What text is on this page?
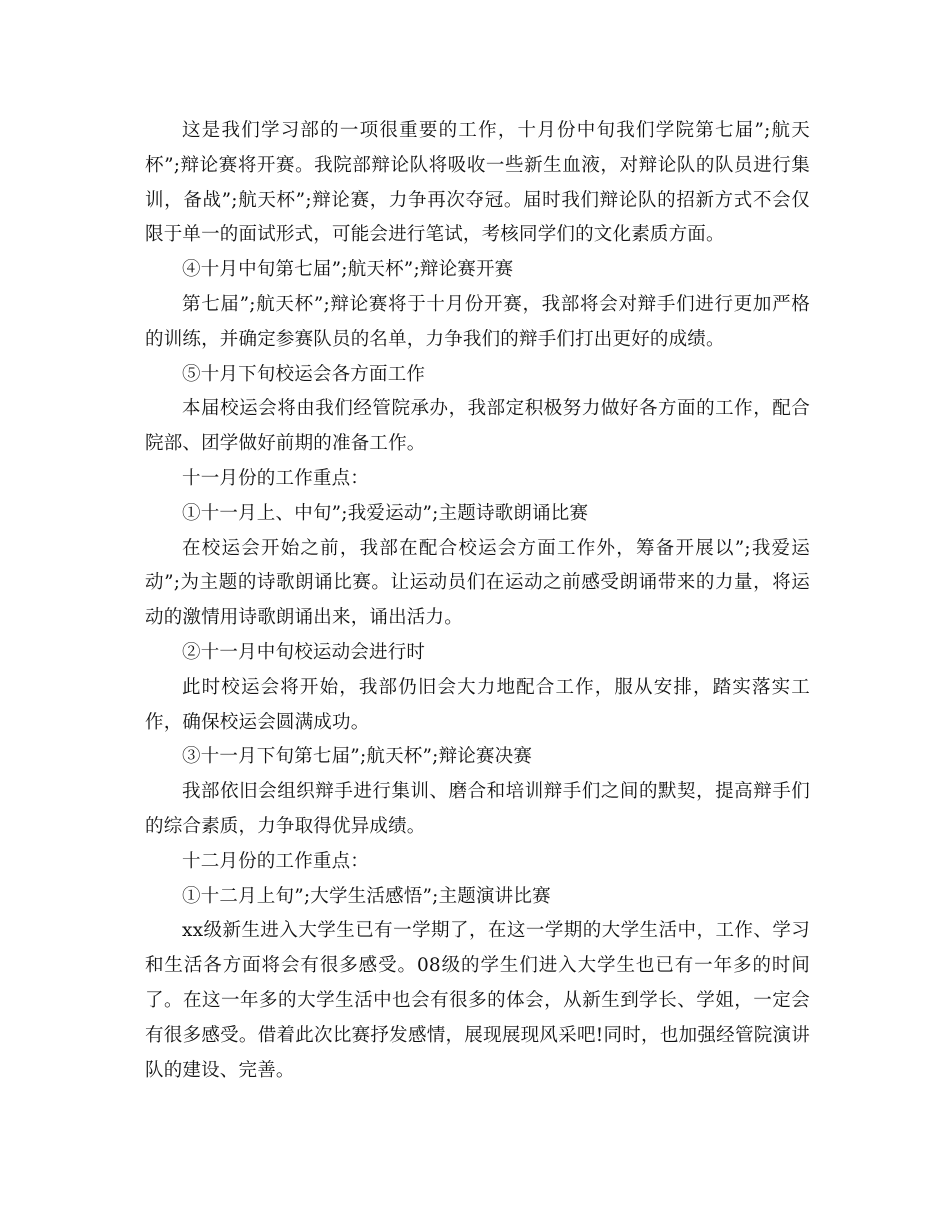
这是我们学习部的一项很重要的工作，十月份中旬我们学院第七届”;航天杯”;辩论赛将开赛。我院部辩论队将吸收一些新生血液，对辩论队的队员进行集训，备战”;航天杯”;辩论赛，力争再次夺冠。届时我们辩论队的招新方式不会仅限于单一的面试形式，可能会进行笔试，考核同学们的文化素质方面。

④十月中旬第七届”;航天杯”;辩论赛开赛

第七届”;航天杯”;辩论赛将于十月份开赛，我部将会对辩手们进行更加严格的训练，并确定参赛队员的名单，力争我们的辩手们打出更好的成绩。

⑤十月下旬校运会各方面工作

本届校运会将由我们经管院承办，我部定积极努力做好各方面的工作，配合院部、团学做好前期的准备工作。

十一月份的工作重点：

①十一月上、中旬”;我爱运动”;主题诗歌朗诵比赛

在校运会开始之前，我部在配合校运会方面工作外，筹备开展以”;我爱运动”;为主题的诗歌朗诵比赛。让运动员们在运动之前感受朗诵带来的力量，将运动的激情用诗歌朗诵出来，诵出活力。

②十一月中旬校运动会进行时

此时校运会将开始，我部仍旧会大力地配合工作，服从安排，踏实落实工作，确保校运会圆满成功。

③十一月下旬第七届”;航天杯”;辩论赛决赛

我部依旧会组织辩手进行集训、磨合和培训辩手们之间的默契，提高辩手们的综合素质，力争取得优异成绩。

十二月份的工作重点：

①十二月上旬”;大学生活感悟”;主题演讲比赛

xx级新生进入大学生已有一学期了，在这一学期的大学生活中，工作、学习和生活各方面将会有很多感受。08级的学生们进入大学生也已有一年多的时间了。在这一年多的大学生活中也会有很多的体会，从新生到学长、学姐，一定会有很多感受。借着此次比赛抒发感情，展现展现风采吧!同时，也加强经管院演讲队的建设、完善。
